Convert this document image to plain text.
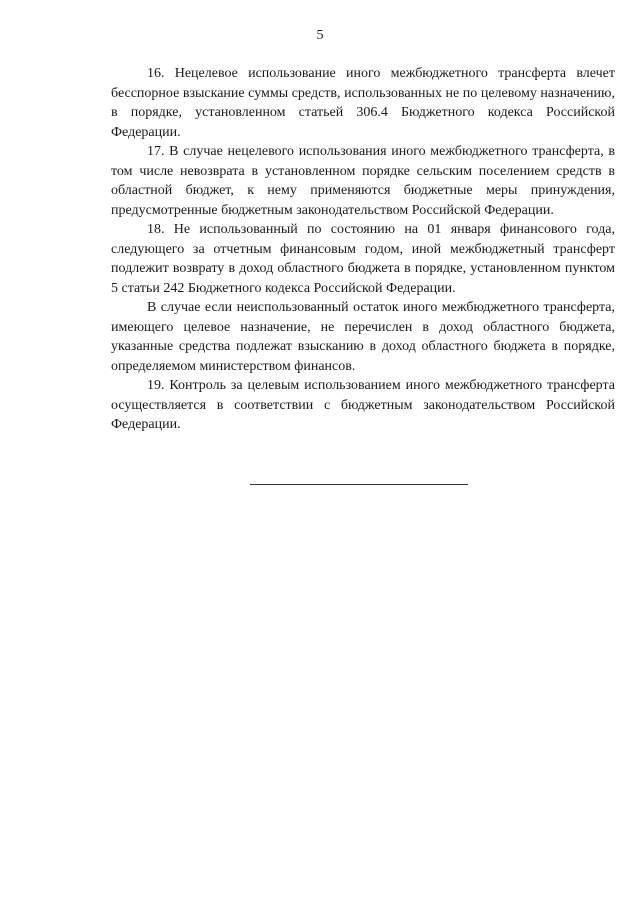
5

16. Нецелевое использование иного межбюджетного трансферта влечет бесспорное взыскание суммы средств, использованных не по целевому назначению, в порядке, установленном статьей 306.4 Бюджетного кодекса Российской Федерации.

17. В случае нецелевого использования иного межбюджетного трансферта, в том числе невозврата в установленном порядке сельским поселением средств в областной бюджет, к нему применяются бюджетные меры принуждения, предусмотренные бюджетным законодательством Российской Федерации.

18. Не использованный по состоянию на 01 января финансового года, следующего за отчетным финансовым годом, иной межбюджетный трансферт подлежит возврату в доход областного бюджета в порядке, установленном пунктом 5 статьи 242 Бюджетного кодекса Российской Федерации.

В случае если неиспользованный остаток иного межбюджетного трансферта, имеющего целевое назначение, не перечислен в доход областного бюджета, указанные средства подлежат взысканию в доход областного бюджета в порядке, определяемом министерством финансов.

19. Контроль за целевым использованием иного межбюджетного трансферта осуществляется в соответствии с бюджетным законодательством Российской Федерации.
